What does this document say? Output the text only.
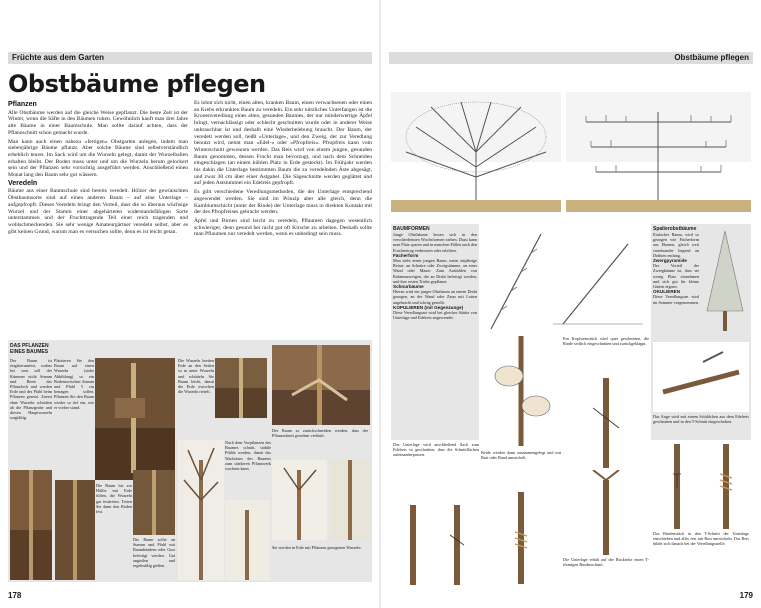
Früchte aus dem Garten
Obstbäume pflegen
Pflanzen

Alle Obstbäume werden auf die gleiche Weise gepflanzt. Die beste Zeit ist der Winter, wenn die Säfte in den Bäumen ruhen. Gewöhnlich kauft man drei Jahre alte Bäume in einer Baumschule. Man sollte darauf achten, dass der Pflanzschnitt schon gemacht wurde.

Man kann auch einen nahezu »fertigen« Obstgarten anlegen, indem man siebenjährige Bäume pflanzt. Aber solche Bäume sind selbstverständlich erheblich teurer. Im Sack wird um die Wurzeln gelegt, damit der Wurzelballen erhalten bleibt. Der Boden muss unter und um die Wurzeln herum gelockert sein und der Pflanzen sehr vorsichtig ausgeführt werden. Anschließend einen Monat lang den Baum sehr gut wässern.

Veredeln

Bäume aus einer Baumschule sind bereits veredelt. Hölzer der gewünschten Obstbaumsorte sind auf einen anderen Baum – auf eine Unterlage – aufgepfropft. Dieses Veredeln bringt den Vorteil, dass die so überaus wüchsige Wurzel und der Stamm einer abgehärteten widerstandsfähigen Sorte unterstammen und der Fruchttragende Teil einer reich tragenden und wohlschmeckenden. Sie sehr wenige Amateurgärtner veredeln selbst, aber es gibt keinen Grund, warum man es versuchen sollte, denn es ist leicht getan.

Es lohnt sich nicht, einen alten, kranken Baum, einen verwachsenen oder einen an Krebs erkrankten Baum zu veredeln. Ein sehr nützliches Unterfangen ist die Kronenveredlung eines alten, gesunden Baumes, der nur minderwertige Äpfel bringt, vernachlässigt oder schlecht geschnitten wurde oder in anderer Weise unbrauchbar ist und deshalb eine Wiederbelebung braucht. Der Baum, der veredelt werden soll, heißt »Unterlage«, und den Zweig, der zur Veredlung benutzt wird, nennt man »Edel-« oder »Pfropfreis«. Pfropfreis kann vom Winterschnitt gewonnen werden. Das Reis wird von einem jungen, gesunden Baum genommen, dessen Frucht man bevorzugt, und nach dem Schneiden eingeschlagen (an einem kühlen Platz in Erde gesteckt). Im Frühjahr werden bis dahin die Unterlage bestimmten Baum die zu veredelnden Äste abgesägt, und zwar 30 cm über einer Astgabel. Die Sägeschnitte werden geglättet und auf jeden Aststummel ein Edelreis gepfropft.

Es gibt verschiedene Veredlungsmethoden, die der Unterlage entsprechend angewendet werden. Sie sind im Prinzip aber alle gleich, denn die Kambiumschicht (unter der Rinde) der Unterlage muss in direkten Kontakt mit der des Pfropfreises gebracht werden.

Äpfel und Birnen sind leicht zu veredeln, Pflaumen dagegen wesentlich schwieriger, denn gesund bei nicht gut oft Kirsche zu arbeiten. Deshalb sollte man Pflaumen nur veredelt werden, wenn es unbedingt sein muss.

DAS PFLANZEN EINES BAUMES
Der Baum ist ringsherumfest, sodass bei wen soll der Kümmer nicht Stamm und Beete das Pflanzloch und werden Erde und des Pfahl beim Pflanzen gesetzt. Zuerst ebne Wurzeln schnitten ab die Pflanzgrube und diesen Hauptwurzeln sorgfältig.
Platzieren Sie den Baum auf einen Wurzeln (siehe Abbildung) so ein Bodenzwischen Stamm und Pfahl 5 cm betragen sollen. Pflanzen Sie den Baum wieder so tief ein, wie er vorher stand.
Die Wurzeln breiten Erde an den Seiten so in unter Wurzeln und schütteln Sie Baum leicht, damit die Erde zwischen die Wurzeln rieselt.
Die Baum bis zur Hälfte mit Erde füllen, die Wurzeln gut festtreten. Treten Sie dann den Boden fest.
Die Baum sollte an Stamm und Pfahl mit Baumbändern oder Gurt befestigt werden. Gut angießen und regelmäßig gießen.
Nach dem Vorpflanzen des Baumes schnitt, stabile Pfähle werden, damit das Wachstum des Baumes zum stärkeren Pflanzwerk wachsen kann.
Der Baum so zurückschneiden werden, dass der Pflanzschnitt geordnet verläuft.
Sie werden in Erde mit Pflanzen gezogenen Wurzeln.
178
Obstbäume pflegen
BAUMFORMEN
Junge Obstbäume lassen sich in den verschiedensten Wuchsformen ziehen. Dazu kann man Platz sparen und in manchen Fällen auch den Fruchtertrag verbessern oder erhöhen.
Fächerform
Man zieht einen jungen Baum, meist einjährige Reiser, an Schnüre oder Zweigstämme, an einer Wand oder Mauer. Zum Ausbilden von Rahmenzweigen, die an Draht befestigt werden, und ihre ersten Triebe gepflanzt.
Schnurbäume
Hierzu wird ein junger Obstbaum an einem Draht gezogen, an der Wand oder Zaun mit Latten angebracht und schräg gestellt.
KOPULIEREN (mit Gegenzunge)
Diese Veredlungsart wird bei gleicher Stärke von Unterlage und Edelreis angewendet.
Spalierobstbäume
Einfacher Baum, wird so gezogen wie Fächerform aus Ebenen, gleich weit voneinander liegend an Drähten entlang.
Zwergpyramide
Der Vorteil der Zwergbäume ist, dass sie wenig Platz einnehmen und sich gut für kleine Gärten eignen.
OKULIEREN
Diese Veredlungsart wird im Sommer vorgenommen.
Ein Kopfsteinstück wird quer geschnitten, die Rinde seitlich eingeschnitten und zurückgeklappt.
Das Unterlage wird anschließend flach zum Edelreis so geschnitten, dass die Schnittflächen aufeinanderpassen.	Beide werden dann zusammengelegt und mit Bast oder Band umwickelt.
Die Unterlage erhält auf der Rückseite einen T-förmigen Rindenschnitt.
Das Auge wird mit einem Schildchen aus dem Edelreis geschnitten und in den T-Schnitt eingeschoben.
Das Rindenstück in den T-Schnitt der Unterlage einschieben und alles fest mit Bast umwickeln. Das Reis bildet sich danach bei der Veredlungsstelle.
179
